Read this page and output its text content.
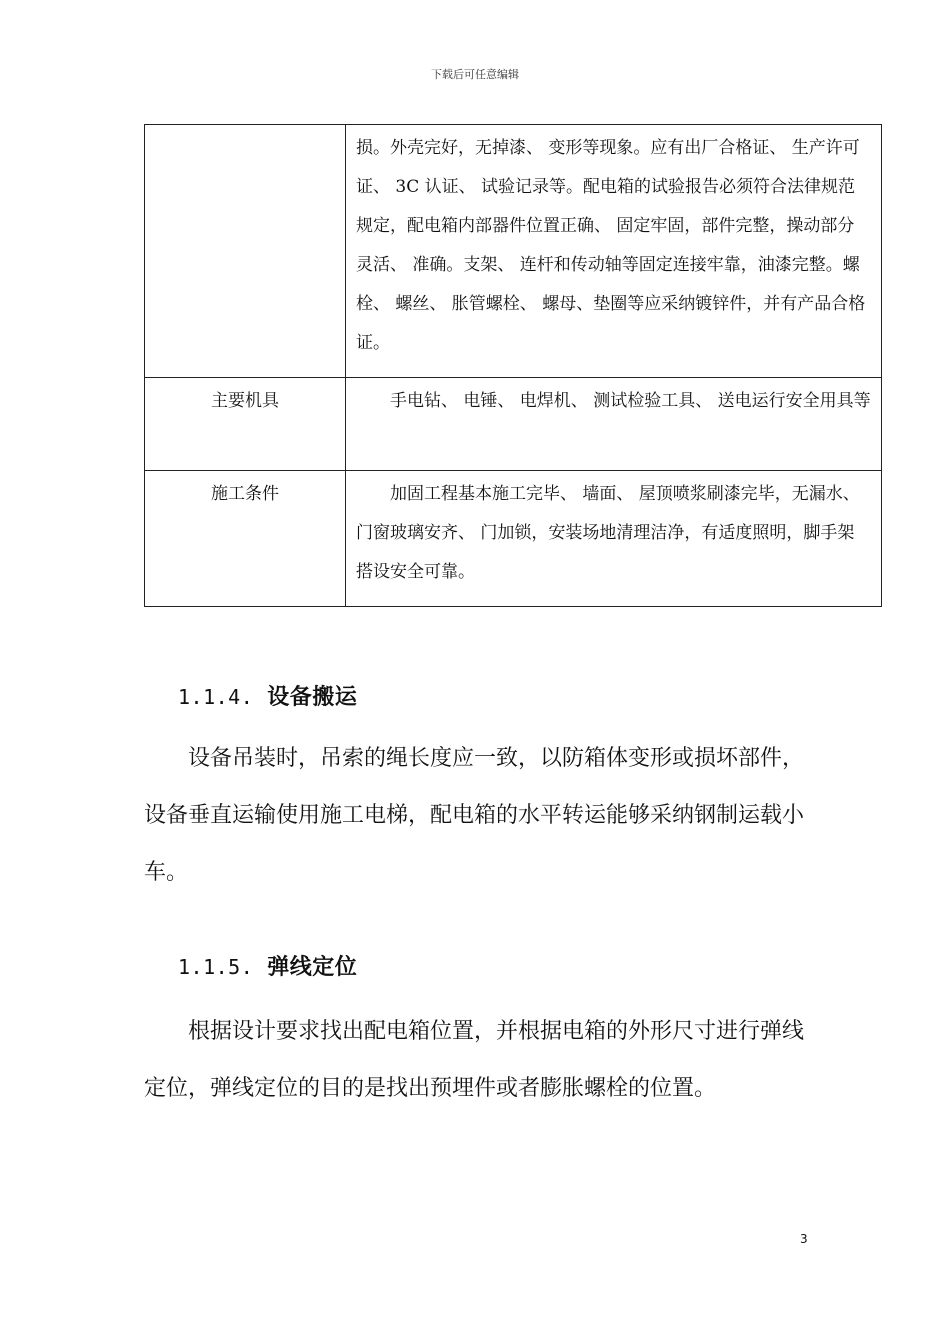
下载后可任意编辑
	损。外壳完好，无掉漆、 变形等现象。应有出厂合格证、 生产许可证、 3C 认证、 试验记录等。配电箱的试验报告必须符合法律规范规定，配电箱内部器件位置正确、 固定牢固，部件完整，操动部分灵活、 准确。支架、 连杆和传动轴等固定连接牢靠，油漆完整。螺栓、 螺丝、 胀管螺栓、 螺母、垫圈等应采纳镀锌件，并有产品合格证。
主要机具	手电钻、 电锤、 电焊机、 测试检验工具、 送电运行安全用具等
施工条件	加固工程基本施工完毕、 墙面、 屋顶喷浆刷漆完毕，无漏水、 门窗玻璃安齐、 门加锁，安装场地清理洁净，有适度照明，脚手架搭设安全可靠。
1.1.4. 设备搬运
设备吊装时，吊索的绳长度应一致，以防箱体变形或损坏部件，设备垂直运输使用施工电梯，配电箱的水平转运能够采纳钢制运载小车。
1.1.5. 弹线定位
根据设计要求找出配电箱位置，并根据电箱的外形尺寸进行弹线定位，弹线定位的目的是找出预埋件或者膨胀螺栓的位置。
3
